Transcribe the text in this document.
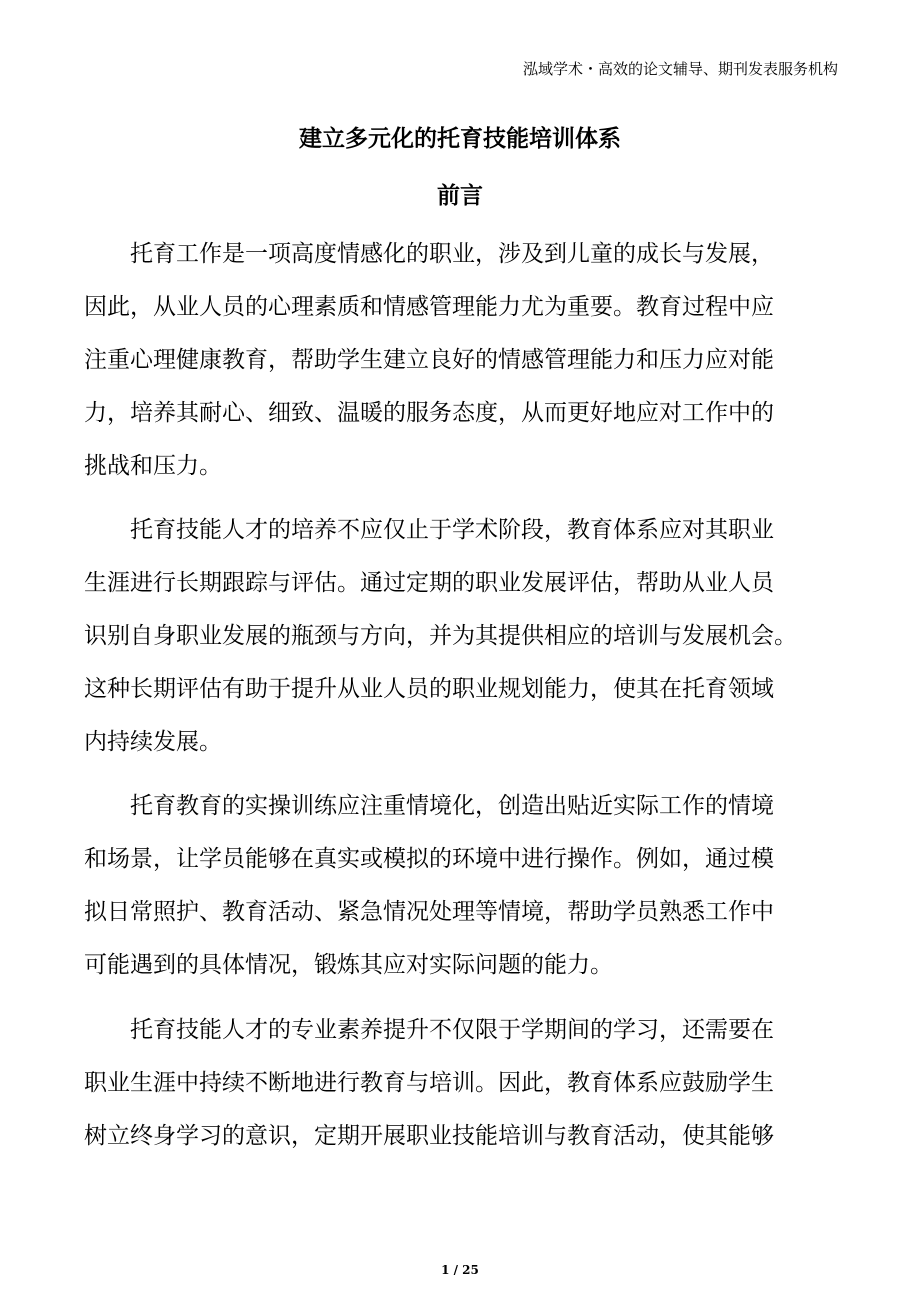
泓域学术・高效的论文辅导、期刊发表服务机构
建立多元化的托育技能培训体系
前言
托育工作是一项高度情感化的职业，涉及到儿童的成长与发展，
因此，从业人员的心理素质和情感管理能力尤为重要。教育过程中应
注重心理健康教育，帮助学生建立良好的情感管理能力和压力应对能
力，培养其耐心、细致、温暖的服务态度，从而更好地应对工作中的
挑战和压力。
托育技能人才的培养不应仅止于学术阶段，教育体系应对其职业
生涯进行长期跟踪与评估。通过定期的职业发展评估，帮助从业人员
识别自身职业发展的瓶颈与方向，并为其提供相应的培训与发展机会。
这种长期评估有助于提升从业人员的职业规划能力，使其在托育领域
内持续发展。
托育教育的实操训练应注重情境化，创造出贴近实际工作的情境
和场景，让学员能够在真实或模拟的环境中进行操作。例如，通过模
拟日常照护、教育活动、紧急情况处理等情境，帮助学员熟悉工作中
可能遇到的具体情况，锻炼其应对实际问题的能力。
托育技能人才的专业素养提升不仅限于学期间的学习，还需要在
职业生涯中持续不断地进行教育与培训。因此，教育体系应鼓励学生
树立终身学习的意识，定期开展职业技能培训与教育活动，使其能够
1 / 25
